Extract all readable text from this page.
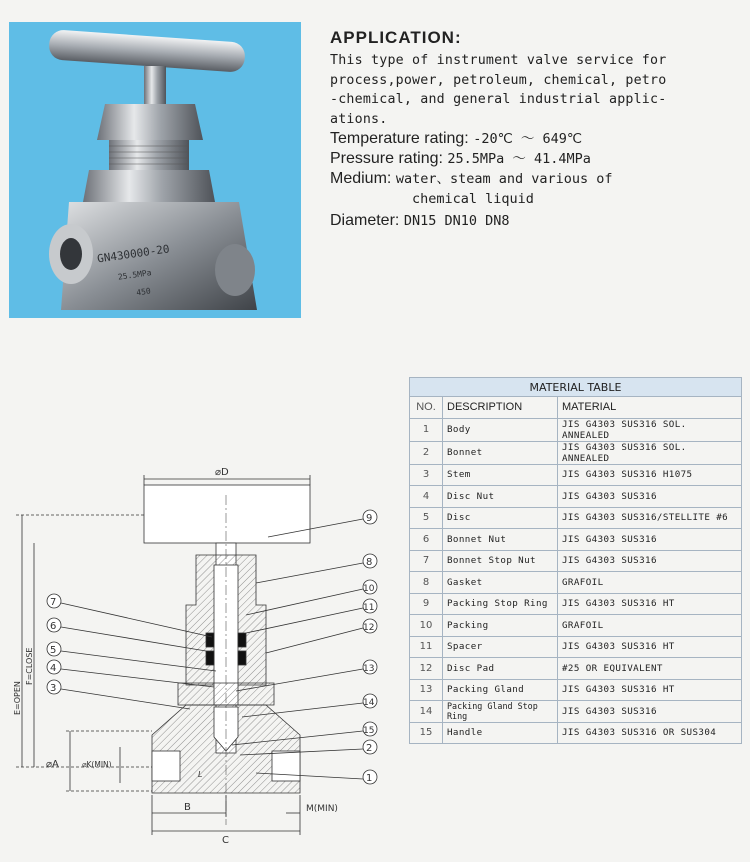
GN430000-20
25.5MPa
450
APPLICATION:
This type of instrument valve service for
process,power, petroleum, chemical, petro
-chemical, and general industrial applic-
ations.
Temperature rating: -20℃ ～ 649℃
Pressure rating: 25.5MPa ～ 41.4MPa
Medium: water、steam and various of
chemical liquid
Diameter: DN15 DN10 DN8
⌀D
E=OPEN
F=CLOSE
⌀A	⌀K(MIN)
B
C
M(MIN)
L
7
6
5
4
3
9
8
10
11
12
13
14
15
2
1
MATERIAL TABLE		
NO.	DESCRIPTION	MATERIAL
1	Body	JIS G4303 SUS316 SOL. ANNEALED
2	Bonnet	JIS G4303 SUS316 SOL. ANNEALED
3	Stem	JIS G4303 SUS316 H1075
4	Disc Nut	JIS G4303 SUS316
5	Disc	JIS G4303 SUS316/STELLITE #6
6	Bonnet Nut	JIS G4303 SUS316
7	Bonnet Stop Nut	JIS G4303 SUS316
8	Gasket	GRAFOIL
9	Packing Stop Ring	JIS G4303 SUS316 HT
10	Packing	GRAFOIL
11	Spacer	JIS G4303 SUS316 HT
12	Disc Pad	#25 OR EQUIVALENT
13	Packing Gland	JIS G4303 SUS316 HT
14	Packing Gland Stop Ring	JIS G4303 SUS316
15	Handle	JIS G4303 SUS316 OR SUS304
